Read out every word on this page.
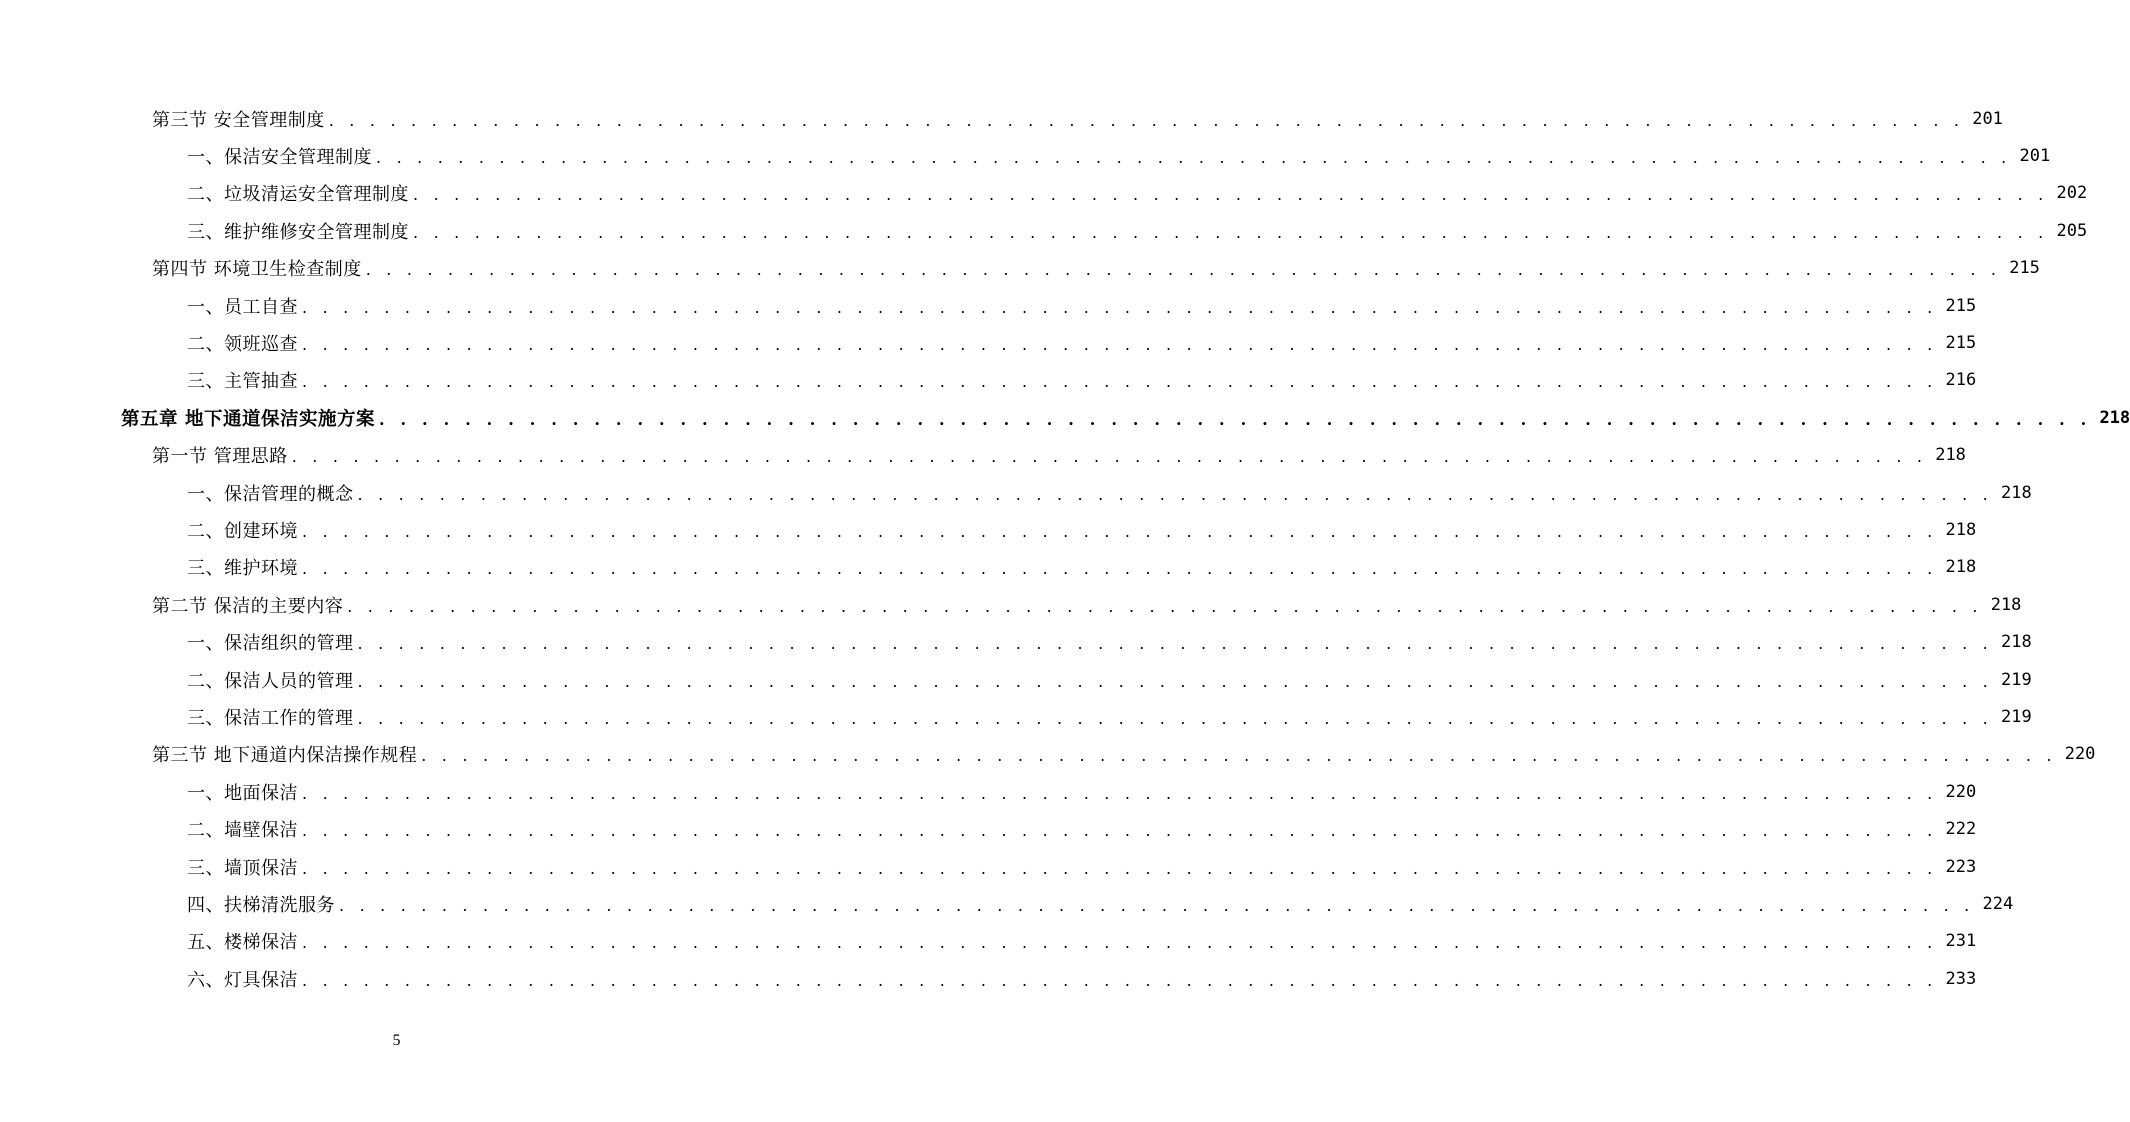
第三节 安全管理制度 . . . . . . . . . . . . . . . . . . . . . . . . . . . . . . . . . . . . . . . . . . . . . . . . . . . . . . . . . . . . . . . . . . . . . . . . . . . . . . . . 201
一、保洁安全管理制度 . . . . . . . . . . . . . . . . . . . . . . . . . . . . . . . . . . . . . . . . . . . . . . . . . . . . . . . . . . . . . . . . . . . . . . . . . . . . . . . . 201
二、垃圾清运安全管理制度 . . . . . . . . . . . . . . . . . . . . . . . . . . . . . . . . . . . . . . . . . . . . . . . . . . . . . . . . . . . . . . . . . . . . . . . . . . . . . . . . 202
三、维护维修安全管理制度 . . . . . . . . . . . . . . . . . . . . . . . . . . . . . . . . . . . . . . . . . . . . . . . . . . . . . . . . . . . . . . . . . . . . . . . . . . . . . . . . 205
第四节 环境卫生检查制度 . . . . . . . . . . . . . . . . . . . . . . . . . . . . . . . . . . . . . . . . . . . . . . . . . . . . . . . . . . . . . . . . . . . . . . . . . . . . . . . . 215
一、员工自查 . . . . . . . . . . . . . . . . . . . . . . . . . . . . . . . . . . . . . . . . . . . . . . . . . . . . . . . . . . . . . . . . . . . . . . . . . . . . . . . . 215
二、领班巡查 . . . . . . . . . . . . . . . . . . . . . . . . . . . . . . . . . . . . . . . . . . . . . . . . . . . . . . . . . . . . . . . . . . . . . . . . . . . . . . . . 215
三、主管抽查 . . . . . . . . . . . . . . . . . . . . . . . . . . . . . . . . . . . . . . . . . . . . . . . . . . . . . . . . . . . . . . . . . . . . . . . . . . . . . . . . 216
第五章 地下通道保洁实施方案 . . . . . . . . . . . . . . . . . . . . . . . . . . . . . . . . . . . . . . . . . . . . . . . . . . . . . . . . . . . . . . . . . . . . . . . . . . . . . . . . 218
第一节 管理思路 . . . . . . . . . . . . . . . . . . . . . . . . . . . . . . . . . . . . . . . . . . . . . . . . . . . . . . . . . . . . . . . . . . . . . . . . . . . . . . . . 218
一、保洁管理的概念 . . . . . . . . . . . . . . . . . . . . . . . . . . . . . . . . . . . . . . . . . . . . . . . . . . . . . . . . . . . . . . . . . . . . . . . . . . . . . . . . 218
二、创建环境 . . . . . . . . . . . . . . . . . . . . . . . . . . . . . . . . . . . . . . . . . . . . . . . . . . . . . . . . . . . . . . . . . . . . . . . . . . . . . . . . 218
三、维护环境 . . . . . . . . . . . . . . . . . . . . . . . . . . . . . . . . . . . . . . . . . . . . . . . . . . . . . . . . . . . . . . . . . . . . . . . . . . . . . . . . 218
第二节 保洁的主要内容 . . . . . . . . . . . . . . . . . . . . . . . . . . . . . . . . . . . . . . . . . . . . . . . . . . . . . . . . . . . . . . . . . . . . . . . . . . . . . . . . 218
一、保洁组织的管理 . . . . . . . . . . . . . . . . . . . . . . . . . . . . . . . . . . . . . . . . . . . . . . . . . . . . . . . . . . . . . . . . . . . . . . . . . . . . . . . . 218
二、保洁人员的管理 . . . . . . . . . . . . . . . . . . . . . . . . . . . . . . . . . . . . . . . . . . . . . . . . . . . . . . . . . . . . . . . . . . . . . . . . . . . . . . . . 219
三、保洁工作的管理 . . . . . . . . . . . . . . . . . . . . . . . . . . . . . . . . . . . . . . . . . . . . . . . . . . . . . . . . . . . . . . . . . . . . . . . . . . . . . . . . 219
第三节 地下通道内保洁操作规程 . . . . . . . . . . . . . . . . . . . . . . . . . . . . . . . . . . . . . . . . . . . . . . . . . . . . . . . . . . . . . . . . . . . . . . . . . . . . . . . . 220
一、地面保洁 . . . . . . . . . . . . . . . . . . . . . . . . . . . . . . . . . . . . . . . . . . . . . . . . . . . . . . . . . . . . . . . . . . . . . . . . . . . . . . . . 220
二、墙壁保洁 . . . . . . . . . . . . . . . . . . . . . . . . . . . . . . . . . . . . . . . . . . . . . . . . . . . . . . . . . . . . . . . . . . . . . . . . . . . . . . . . 222
三、墙顶保洁 . . . . . . . . . . . . . . . . . . . . . . . . . . . . . . . . . . . . . . . . . . . . . . . . . . . . . . . . . . . . . . . . . . . . . . . . . . . . . . . . 223
四、扶梯清洗服务 . . . . . . . . . . . . . . . . . . . . . . . . . . . . . . . . . . . . . . . . . . . . . . . . . . . . . . . . . . . . . . . . . . . . . . . . . . . . . . . . 224
五、楼梯保洁 . . . . . . . . . . . . . . . . . . . . . . . . . . . . . . . . . . . . . . . . . . . . . . . . . . . . . . . . . . . . . . . . . . . . . . . . . . . . . . . . 231
六、灯具保洁 . . . . . . . . . . . . . . . . . . . . . . . . . . . . . . . . . . . . . . . . . . . . . . . . . . . . . . . . . . . . . . . . . . . . . . . . . . . . . . . . 233
5
